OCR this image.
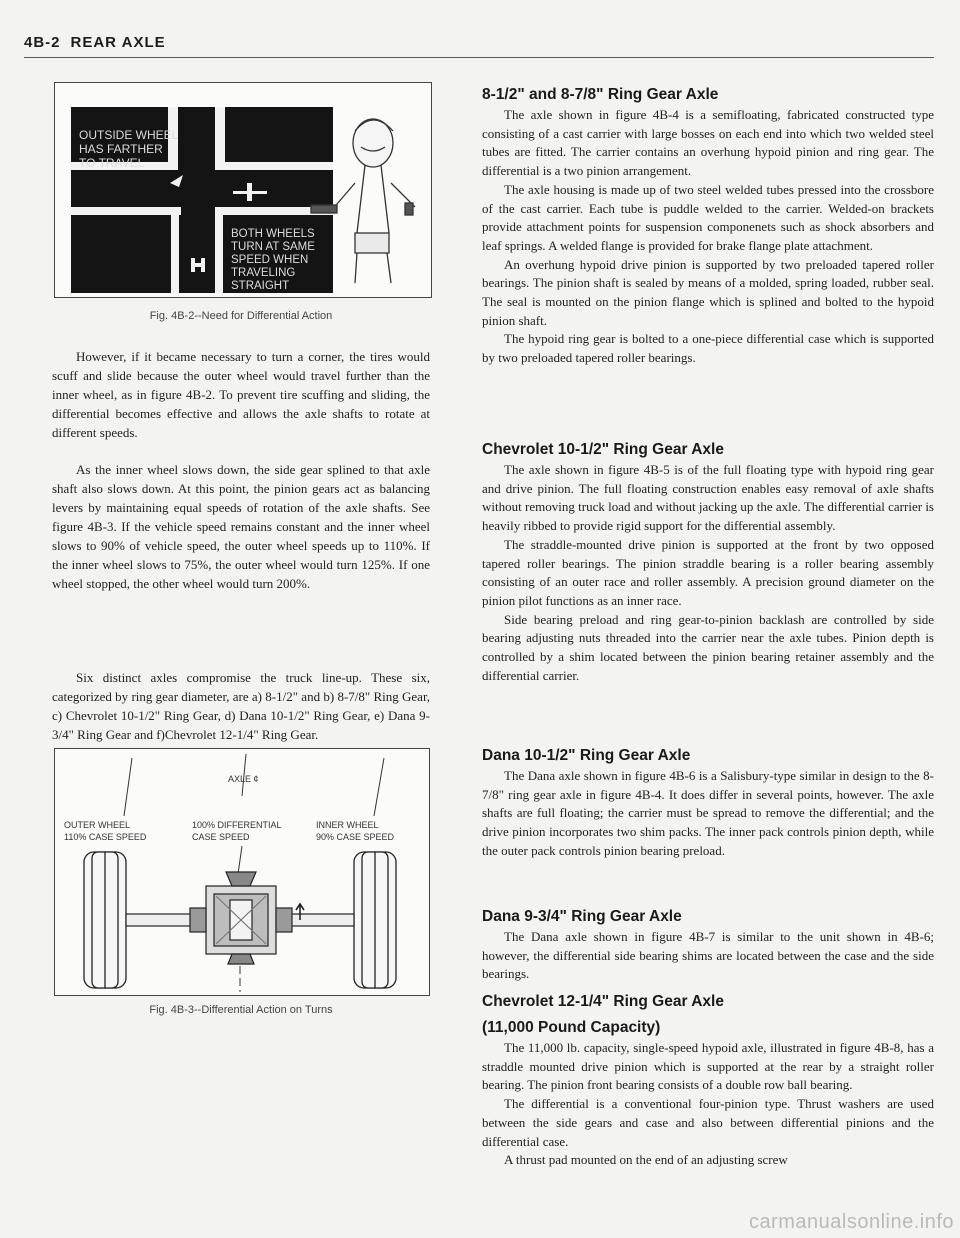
4B-2 REAR AXLE
OUTSIDE WHEEL
HAS FARTHER
TO TRAVEL
BOTH WHEELS
TURN AT SAME
SPEED WHEN
TRAVELING
STRAIGHT
Fig. 4B-2--Need for Differential Action

However, if it became necessary to turn a corner, the tires would scuff and slide because the outer wheel would travel further than the inner wheel, as in figure 4B-2. To prevent tire scuffing and sliding, the differential becomes effective and allows the axle shafts to rotate at different speeds.

As the inner wheel slows down, the side gear splined to that axle shaft also slows down. At this point, the pinion gears act as balancing levers by maintaining equal speeds of rotation of the axle shafts. See figure 4B-3. If the vehicle speed remains constant and the inner wheel slows to 90% of vehicle speed, the outer wheel speeds up to 110%. If the inner wheel slows to 75%, the outer wheel would turn 125%. If one wheel stopped, the other wheel would turn 200%.

Six distinct axles compromise the truck line-up. These six, categorized by ring gear diameter, are a) 8-1/2" and b) 8-7/8" Ring Gear, c) Chevrolet 10-1/2" Ring Gear, d) Dana 10-1/2" Ring Gear, e) Dana 9-3/4" Ring Gear and f)Chevrolet 12-1/4" Ring Gear.

AXLE ¢
OUTER WHEEL
110% CASE SPEED
100% DIFFERENTIAL
CASE SPEED
INNER WHEEL
90% CASE SPEED
Fig. 4B-3--Differential Action on Turns
8-1/2" and 8-7/8" Ring Gear Axle

The axle shown in figure 4B-4 is a semifloating, fabricated constructed type consisting of a cast carrier with large bosses on each end into which two welded steel tubes are fitted. The carrier contains an overhung hypoid pinion and ring gear. The differential is a two pinion arrangement.

The axle housing is made up of two steel welded tubes pressed into the crossbore of the cast carrier. Each tube is puddle welded to the carrier. Welded-on brackets provide attachment points for suspension componenets such as shock absorbers and leaf springs. A welded flange is provided for brake flange plate attachment.

An overhung hypoid drive pinion is supported by two preloaded tapered roller bearings. The pinion shaft is sealed by means of a molded, spring loaded, rubber seal. The seal is mounted on the pinion flange which is splined and bolted to the hypoid pinion shaft.

The hypoid ring gear is bolted to a one-piece differential case which is supported by two preloaded tapered roller bearings.

Chevrolet 10-1/2" Ring Gear Axle

The axle shown in figure 4B-5 is of the full floating type with hypoid ring gear and drive pinion. The full floating construction enables easy removal of axle shafts without removing truck load and without jacking up the axle. The differential carrier is heavily ribbed to provide rigid support for the differential assembly.

The straddle-mounted drive pinion is supported at the front by two opposed tapered roller bearings. The pinion straddle bearing is a roller bearing assembly consisting of an outer race and roller assembly. A precision ground diameter on the pinion pilot functions as an inner race.

Side bearing preload and ring gear-to-pinion backlash are controlled by side bearing adjusting nuts threaded into the carrier near the axle tubes. Pinion depth is controlled by a shim located between the pinion bearing retainer assembly and the differential carrier.

Dana 10-1/2" Ring Gear Axle

The Dana axle shown in figure 4B-6 is a Salisbury-type similar in design to the 8-7/8" ring gear axle in figure 4B-4. It does differ in several points, however. The axle shafts are full floating; the carrier must be spread to remove the differential; and the drive pinion incorporates two shim packs. The inner pack controls pinion depth, while the outer pack controls pinion bearing preload.

Dana 9-3/4" Ring Gear Axle

The Dana axle shown in figure 4B-7 is similar to the unit shown in 4B-6; however, the differential side bearing shims are located between the case and the side bearings.

Chevrolet 12-1/4" Ring Gear Axle
(11,000 Pound Capacity)

The 11,000 lb. capacity, single-speed hypoid axle, illustrated in figure 4B-8, has a straddle mounted drive pinion which is supported at the rear by a straight roller bearing. The pinion front bearing consists of a double row ball bearing.

The differential is a conventional four-pinion type. Thrust washers are used between the side gears and case and also between differential pinions and the differential case.

A thrust pad mounted on the end of an adjusting screw

carmanualsonline.info
